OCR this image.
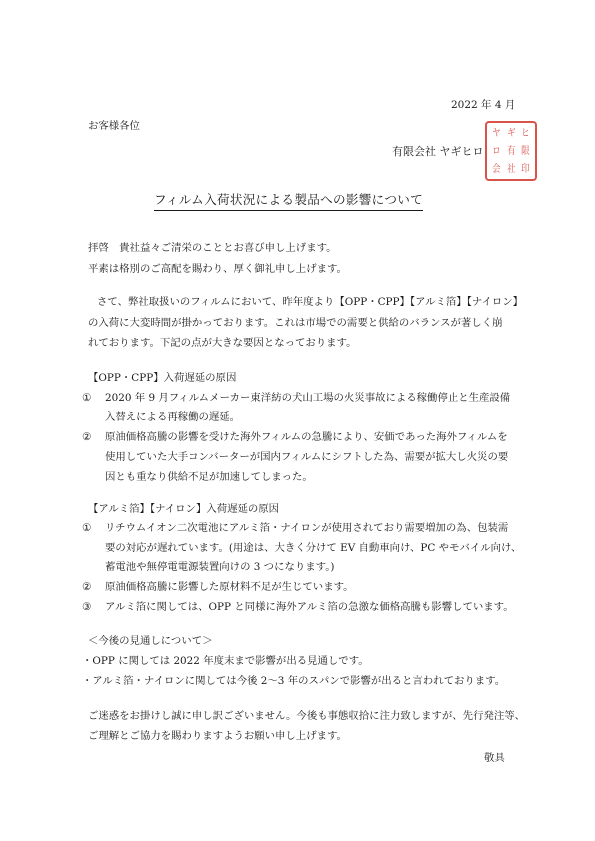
2022 年 4 月
お客様各位
有限会社 ヤギヒロ
ヤ ギ ヒ
ロ 有 限
会 社 印
フィルム入荷状況による製品への影響について
拝啓　貴社益々ご清栄のこととお喜び申し上げます。
平素は格別のご高配を賜わり、厚く御礼申し上げます。
さて、弊社取扱いのフィルムにおいて、昨年度より【OPP・CPP】【アルミ箔】【ナイロン】
の入荷に大変時間が掛かっております。これは市場での需要と供給のバランスが著しく崩
れております。下記の点が大きな要因となっております。
【OPP・CPP】入荷遅延の原因
① 2020 年 9 月フィルムメーカー東洋紡の犬山工場の火災事故による稼働停止と生産設備
入替えによる再稼働の遅延。
② 原油価格高騰の影響を受けた海外フィルムの急騰により、安価であった海外フィルムを
使用していた大手コンバーターが国内フィルムにシフトした為、需要が拡大し火災の要
因とも重なり供給不足が加速してしまった。
【アルミ箔】【ナイロン】入荷遅延の原因
① リチウムイオン二次電池にアルミ箔・ナイロンが使用されており需要増加の為、包装需
要の対応が遅れています。(用途は、大きく分けて EV 自動車向け、PC やモバイル向け、
蓄電池や無停電電源装置向けの 3 つになります。)
② 原油価格高騰に影響した原材料不足が生じています。
③ アルミ箔に関しては、OPP と同様に海外アルミ箔の急激な価格高騰も影響しています。
＜今後の見通しについて＞
・OPP に関しては 2022 年度末まで影響が出る見通しです。
・アルミ箔・ナイロンに関しては今後 2～3 年のスパンで影響が出ると言われております。
ご迷惑をお掛けし誠に申し訳ございません。今後も事態収拾に注力致しますが、先行発注等、
ご理解とご協力を賜わりますようお願い申し上げます。
敬具
